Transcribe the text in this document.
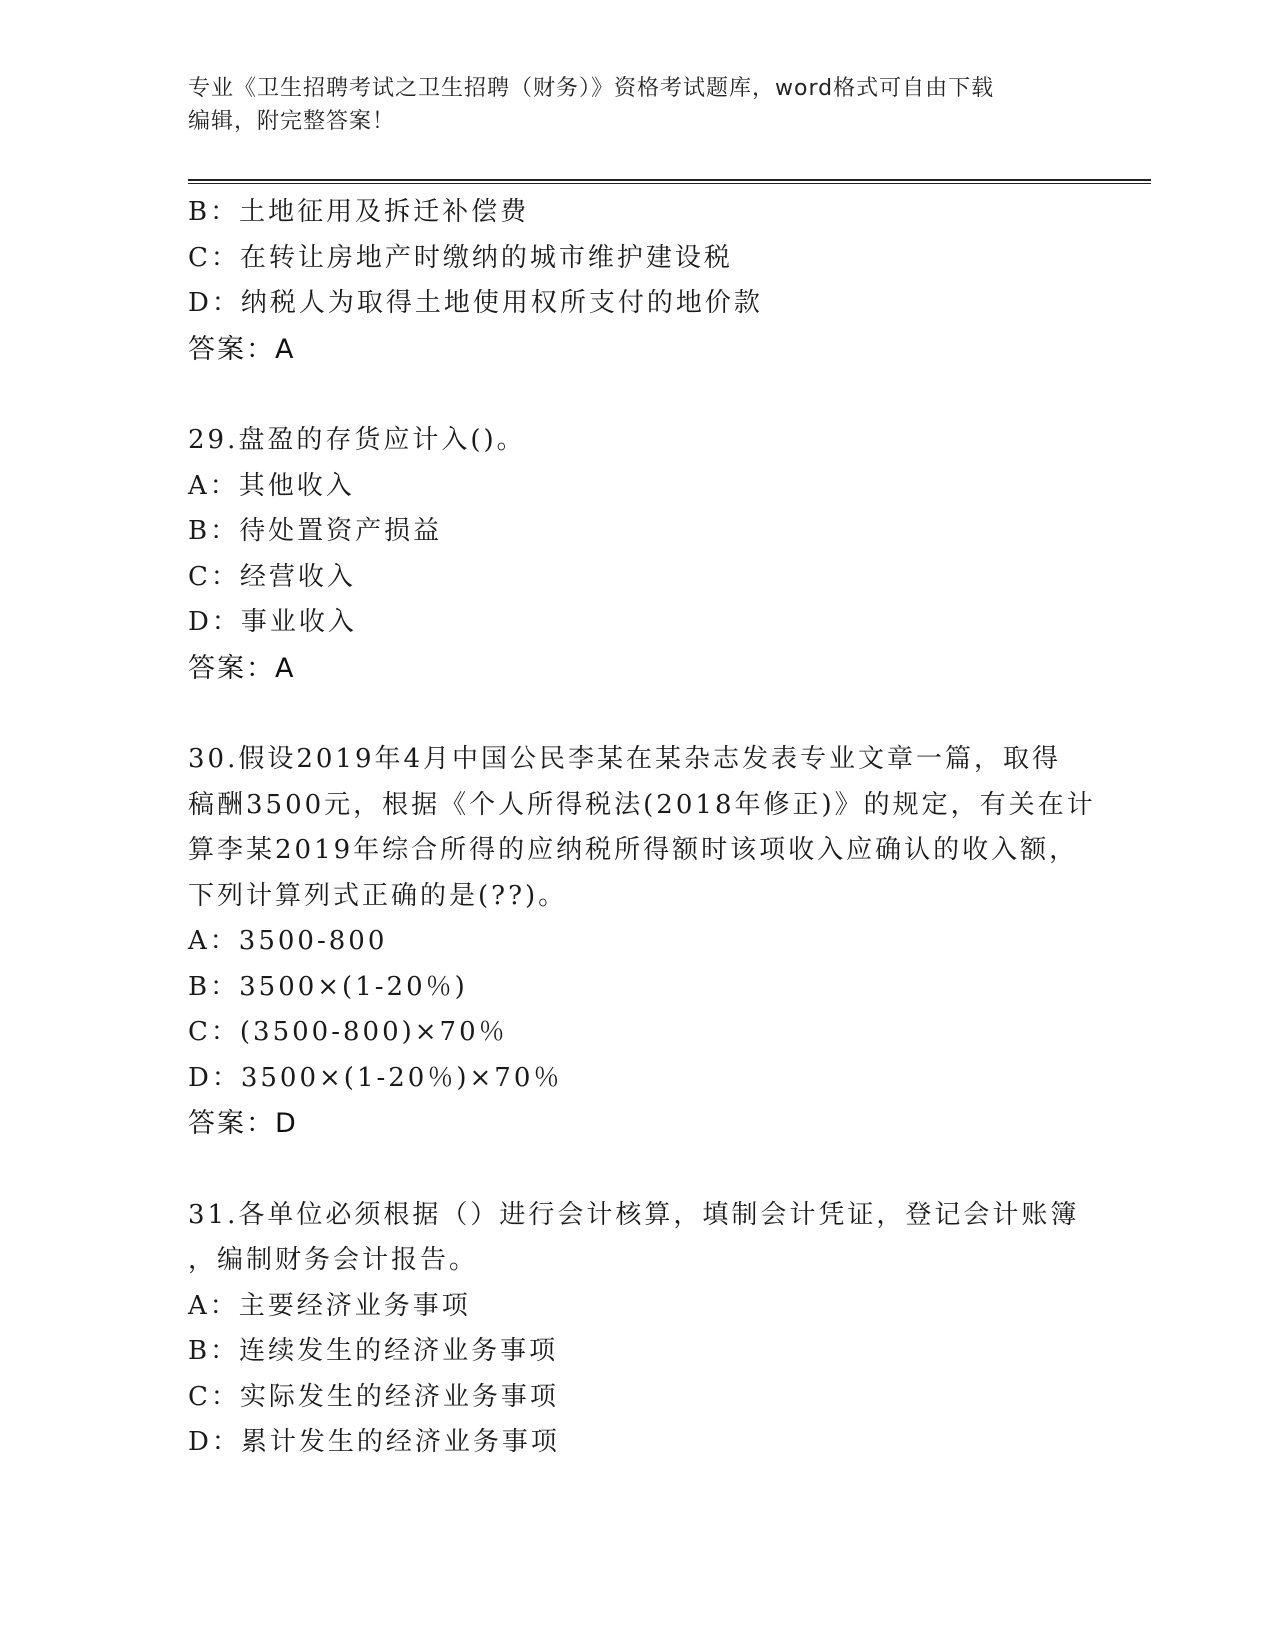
专业《卫生招聘考试之卫生招聘（财务）》资格考试题库，word格式可自由下载
编辑，附完整答案！
B：土地征用及拆迁补偿费
C：在转让房地产时缴纳的城市维护建设税
D：纳税人为取得土地使用权所支付的地价款
答案：A
29.盘盈的存货应计入()。
A：其他收入
B：待处置资产损益
C：经营收入
D：事业收入
答案：A
30.假设2019年4月中国公民李某在某杂志发表专业文章一篇，取得
稿酬3500元，根据《个人所得税法(2018年修正)》的规定，有关在计
算李某2019年综合所得的应纳税所得额时该项收入应确认的收入额，
下列计算列式正确的是(??)。
A：3500-800
B：3500×(1-20％)
C：(3500-800)×70％
D：3500×(1-20％)×70％
答案：D
31.各单位必须根据（）进行会计核算，填制会计凭证，登记会计账簿
，编制财务会计报告。
A：主要经济业务事项
B：连续发生的经济业务事项
C：实际发生的经济业务事项
D：累计发生的经济业务事项
